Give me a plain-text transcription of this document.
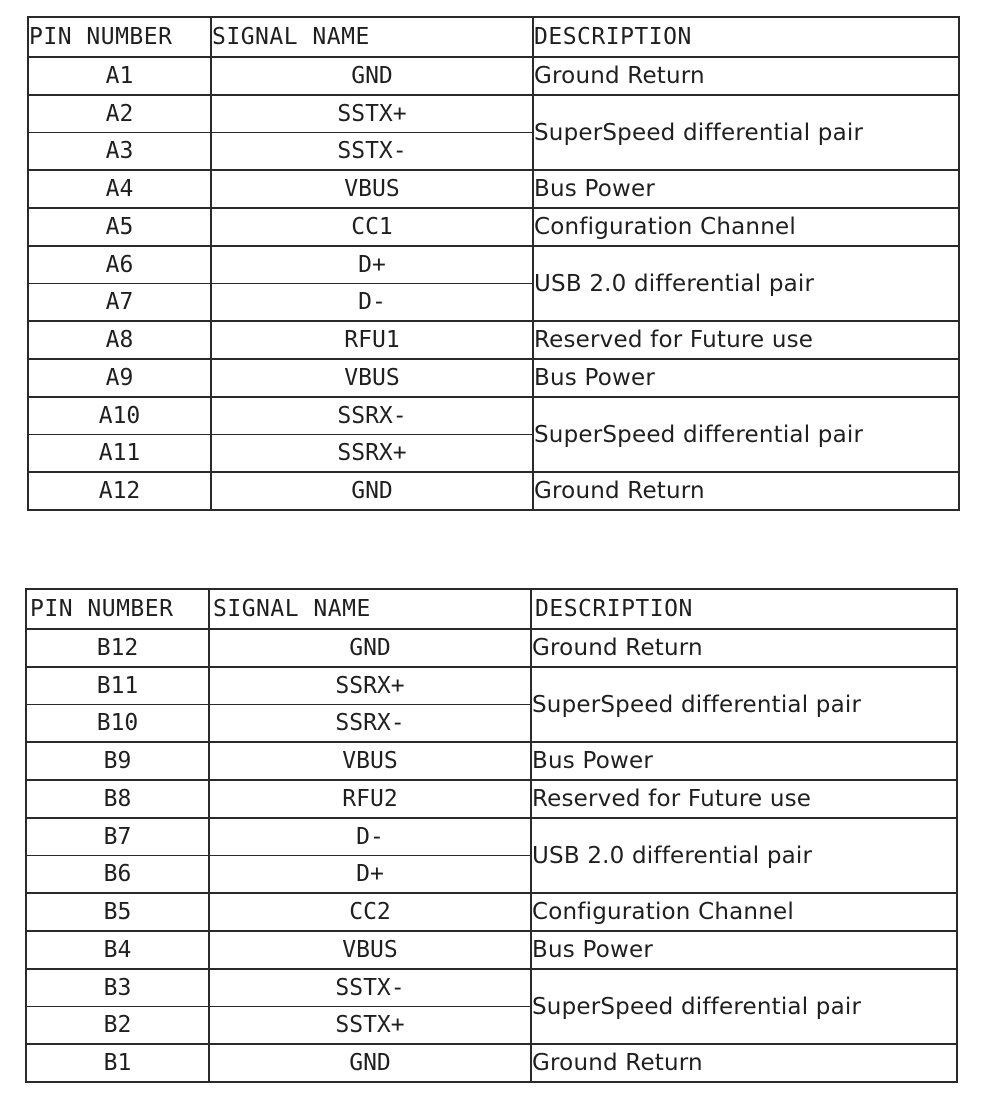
PIN NUMBER	SIGNAL NAME	DESCRIPTION
A1	GND	Ground Return
A2	SSTX+	SuperSpeed differential pair
A3	SSTX-	
A4	VBUS	Bus Power
A5	CC1	Configuration Channel
A6	D+	USB 2.0 differential pair
A7	D-	
A8	RFU1	Reserved for Future use
A9	VBUS	Bus Power
A10	SSRX-	SuperSpeed differential pair
A11	SSRX+	
A12	GND	Ground Return
PIN NUMBER	SIGNAL NAME	DESCRIPTION
B12	GND	Ground Return
B11	SSRX+	SuperSpeed differential pair
B10	SSRX-	
B9	VBUS	Bus Power
B8	RFU2	Reserved for Future use
B7	D-	USB 2.0 differential pair
B6	D+	
B5	CC2	Configuration Channel
B4	VBUS	Bus Power
B3	SSTX-	SuperSpeed differential pair
B2	SSTX+	
B1	GND	Ground Return
